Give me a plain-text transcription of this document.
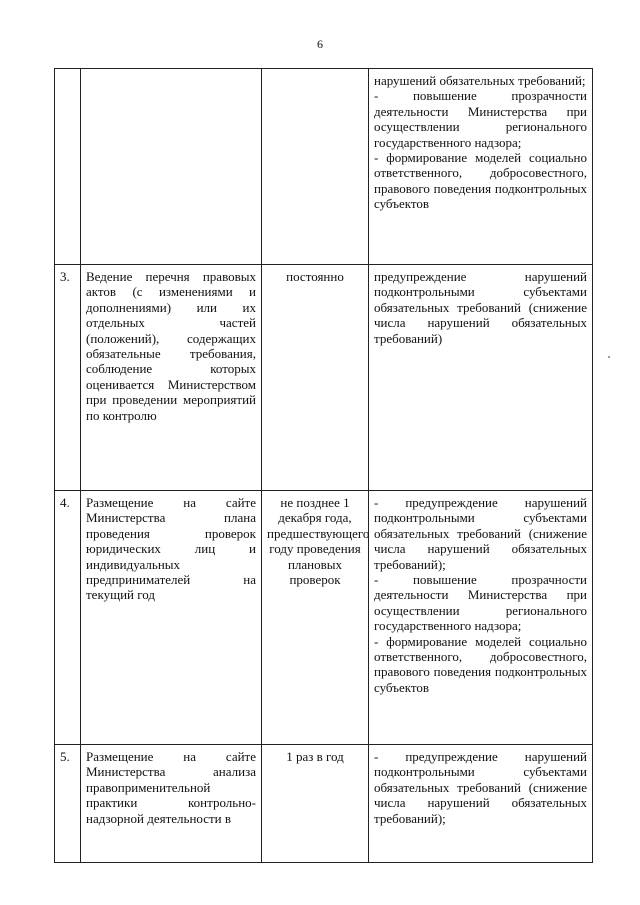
6

			нарушений обязательных требований;
- повышение прозрачности деятельности Министерства при осуществлении регионального государственного надзора;
- формирование моделей социально ответственного, добросовестного, правового поведения подконтрольных субъектов

3.	Ведение перечня правовых актов (с изменениями и дополнениями) или их отдельных частей (положений), содержащих обязательные требования, соблюдение которых оценивается Министерством при проведении мероприятий по контролю	постоянно	предупреждение нарушений подконтрольными субъектами обязательных требований (снижение числа нарушений обязательных требований)

4.	Размещение на сайте Министерства плана проведения проверок юридических лиц и индивидуальных предпринимателей на текущий год	не позднее 1 декабря года, предшествующего году проведения плановых проверок	- предупреждение нарушений подконтрольными субъектами обязательных требований (снижение числа нарушений обязательных требований);
- повышение прозрачности деятельности Министерства при осуществлении регионального государственного надзора;
- формирование моделей социально ответственного, добросовестного, правового поведения подконтрольных субъектов

5.	Размещение на сайте Министерства анализа правоприменительной практики контрольно-надзорной деятельности в	1 раз в год	- предупреждение нарушений подконтрольными субъектами обязательных требований (снижение числа нарушений обязательных требований);
